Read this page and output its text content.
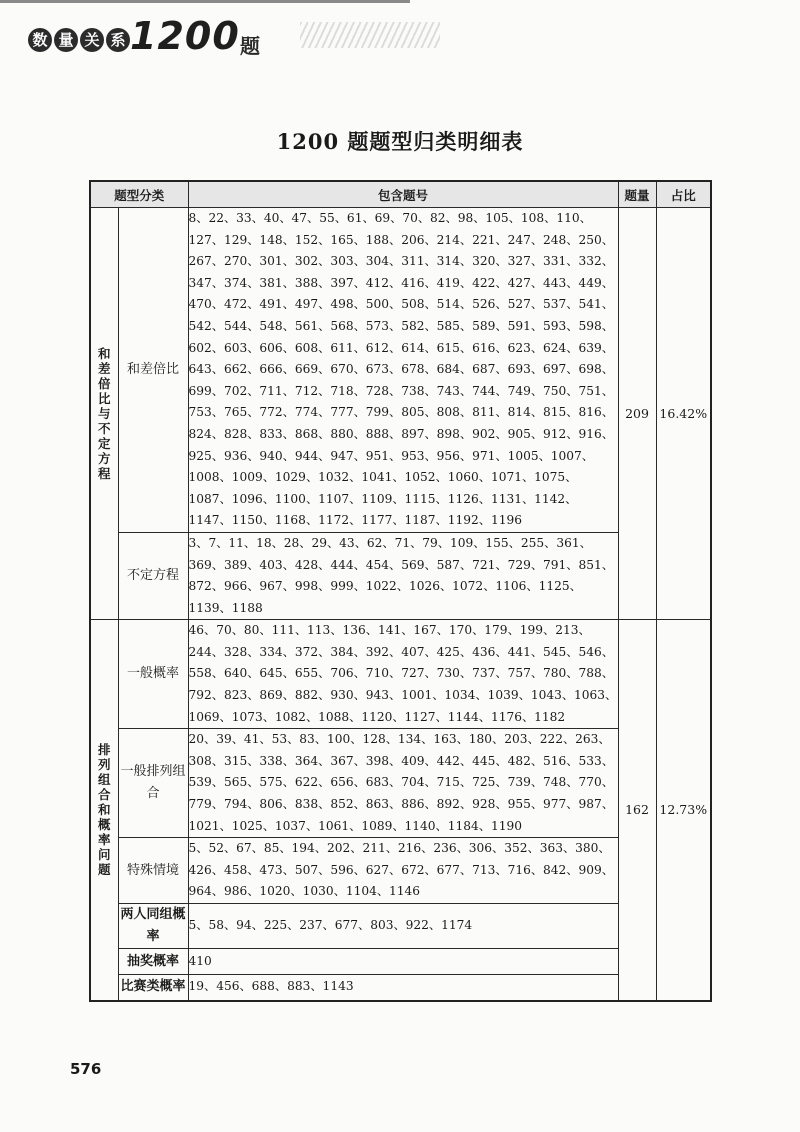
数 量 关 系 1200 题
1200 题题型归类明细表
题型分类		包含题号	题量	占比

和差倍比与不定方程	和差倍比	8、22、33、40、47、55、61、69、70、82、98、105、108、110、127、129、148、152、165、188、206、214、221、247、248、250、267、270、301、302、303、304、311、314、320、327、331、332、347、374、381、388、397、412、416、419、422、427、443、449、470、472、491、497、498、500、508、514、526、527、537、541、542、544、548、561、568、573、582、585、589、591、593、598、602、603、606、608、611、612、614、615、616、623、624、639、643、662、666、669、670、673、678、684、687、693、697、698、699、702、711、712、718、728、738、743、744、749、750、751、753、765、772、774、777、799、805、808、811、814、815、816、824、828、833、868、880、888、897、898、902、905、912、916、925、936、940、944、947、951、953、956、971、1005、1007、1008、1009、1029、1032、1041、1052、1060、1071、1075、1087、1096、1100、1107、1109、1115、1126、1131、1142、1147、1150、1168、1172、1177、1187、1192、1196	209	16.42%
	不定方程	3、7、11、18、28、29、43、62、71、79、109、155、255、361、369、389、403、428、444、454、569、587、721、729、791、851、872、966、967、998、999、1022、1026、1072、1106、1125、1139、1188		

排列组合和概率问题	一般概率	46、70、80、111、113、136、141、167、170、179、199、213、244、328、334、372、384、392、407、425、436、441、545、546、558、640、645、655、706、710、727、730、737、757、780、788、792、823、869、882、930、943、1001、1034、1039、1043、1063、1069、1073、1082、1088、1120、1127、1144、1176、1182	162	12.73%
	一般排列组合	20、39、41、53、83、100、128、134、163、180、203、222、263、308、315、338、364、367、398、409、442、445、482、516、533、539、565、575、622、656、683、704、715、725、739、748、770、779、794、806、838、852、863、886、892、928、955、977、987、1021、1025、1037、1061、1089、1140、1184、1190		
	特殊情境	5、52、67、85、194、202、211、216、236、306、352、363、380、426、458、473、507、596、627、672、677、713、716、842、909、964、986、1020、1030、1104、1146		
	两人同组概率	5、58、94、225、237、677、803、922、1174		
	抽奖概率	410		
	比赛类概率	19、456、688、883、1143		
576
